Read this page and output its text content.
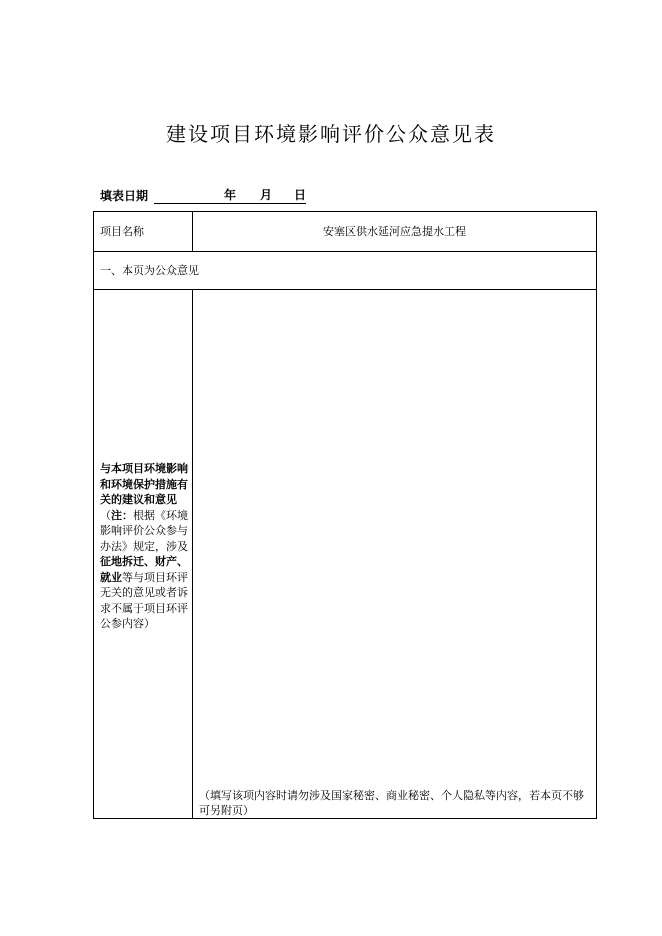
建设项目环境影响评价公众意见表
填表日期	年 月 日
项目名称	安塞区供水延河应急提水工程
一、本页为公众意见
与本项目环境影响和环境保护措施有关的建议和意见（注：根据《环境影响评价公众参与办法》规定，涉及征地拆迁、财产、就业等与项目环评无关的意见或者诉求不属于项目环评公参内容）
（填写该项内容时请勿涉及国家秘密、商业秘密、个人隐私等内容，若本页不够可另附页）
